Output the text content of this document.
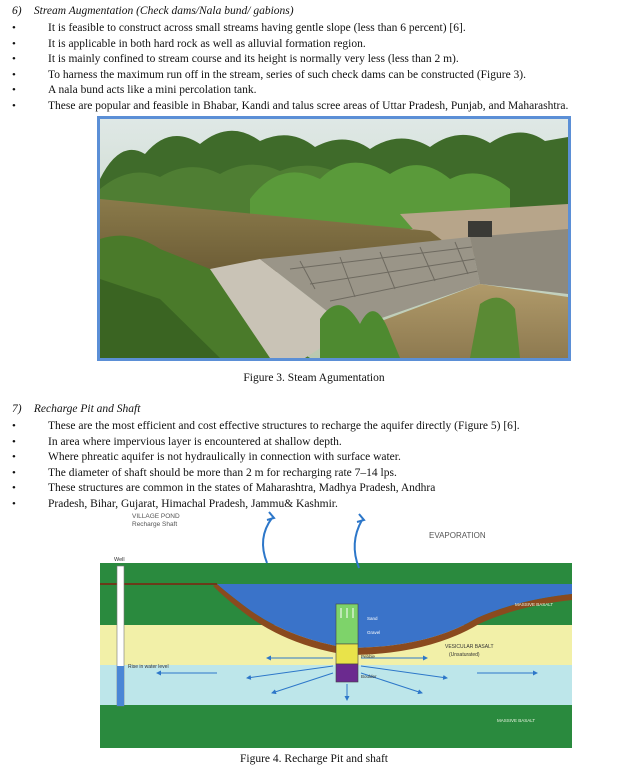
6) Stream Augmentation (Check dams/Nala bund/ gabions)
• It is feasible to construct across small streams having gentle slope (less than 6 percent) [6].
• It is applicable in both hard rock as well as alluvial formation region.
• It is mainly confined to stream course and its height is normally very less (less than 2 m).
• To harness the maximum run off in the stream, series of such check dams can be constructed (Figure 3).
• A nala bund acts like a mini percolation tank.
• These are popular and feasible in Bhabar, Kandi and talus scree areas of Uttar Pradesh, Punjab, and Maharashtra.
Figure 3. Steam Agumentation
7) Recharge Pit and Shaft
• These are the most efficient and cost effective structures to recharge the aquifer directly (Figure 5) [6].
• In area where impervious layer is encountered at shallow depth.
• Where phreatic aquifer is not hydraulically in connection with surface water.
• The diameter of shaft should be more than 2 m for recharging rate 7–14 lps.
• These structures are common in the states of Maharashtra, Madhya Pradesh, Andhra
• Pradesh, Bihar, Gujarat, Himachal Pradesh, Jammu& Kashmir.
VILLAGE POND
Recharge Shaft
EVAPORATION
Well
Rise in water level
MASSIVE BASALT
VESICULAR BASALT
(Unsaturated)
MASSIVE BASALT
Sand
Gravel
Pebble
Boulder
Figure 4. Recharge Pit and shaft
